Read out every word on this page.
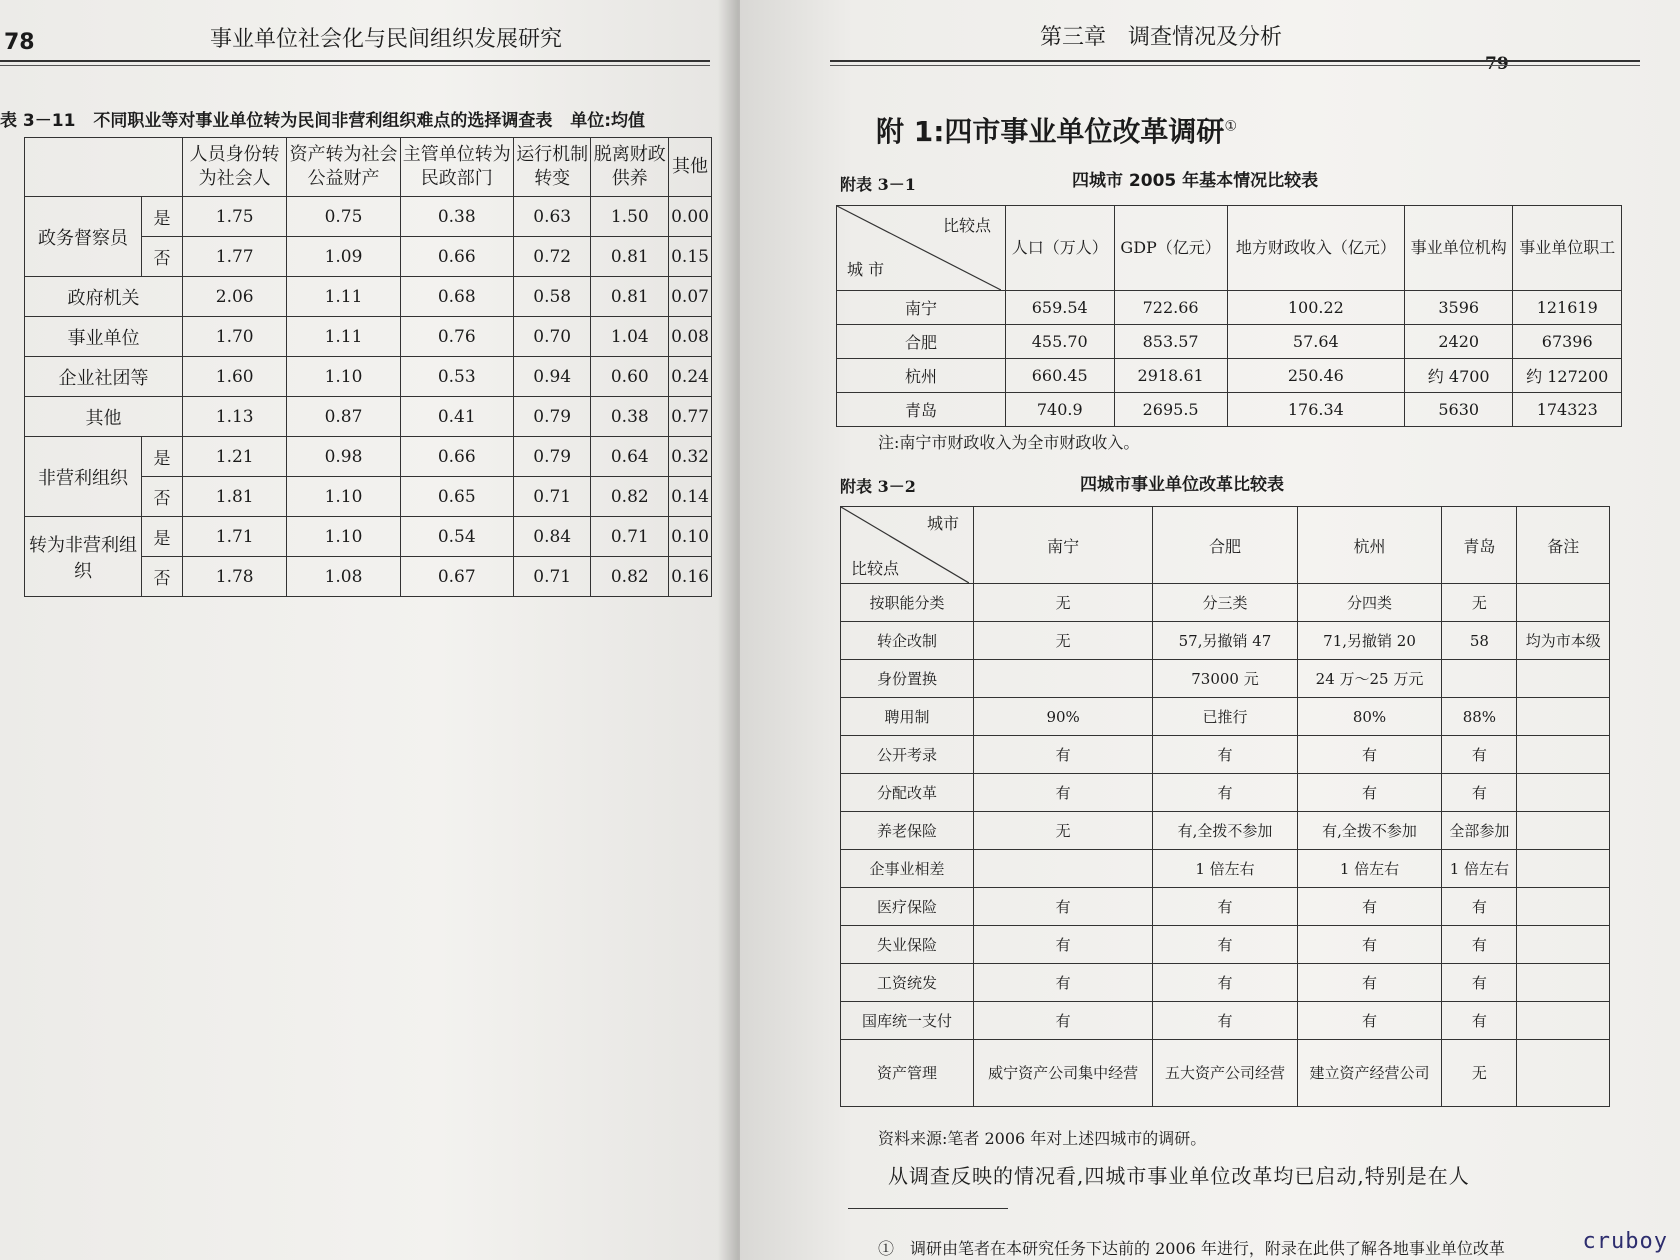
78	事业单位社会化与民间组织发展研究
表 3－11 不同职业等对事业单位转为民间非营利组织难点的选择调查表 单位:均值
		人员身份转为社会人	资产转为社会公益财产	主管单位转为民政部门	运行机制转变	脱离财政供养	其他
政务督察员	是	1.75	0.75	0.38	0.63	1.50	0.00
	否	1.77	1.09	0.66	0.72	0.81	0.15
政府机关		2.06	1.11	0.68	0.58	0.81	0.07
事业单位		1.70	1.11	0.76	0.70	1.04	0.08
企业社团等		1.60	1.10	0.53	0.94	0.60	0.24
其他		1.13	0.87	0.41	0.79	0.38	0.77
非营利组织	是	1.21	0.98	0.66	0.79	0.64	0.32
	否	1.81	1.10	0.65	0.71	0.82	0.14
转为非营利组织	是	1.71	1.10	0.54	0.84	0.71	0.10
	否	1.78	1.08	0.67	0.71	0.82	0.16
第三章　调查情况及分析
79
附 1:四市事业单位改革调研①
附表 3－1	四城市 2005 年基本情况比较表
比较点
城 市	人口（万人）	GDP（亿元）	地方财政收入（亿元）	事业单位机构	事业单位职工
南宁	659.54	722.66	100.22	3596	121619
合肥	455.70	853.57	57.64	2420	67396
杭州	660.45	2918.61	250.46	约 4700	约 127200
青岛	740.9	2695.5	176.34	5630	174323
注:南宁市财政收入为全市财政收入。
附表 3－2	四城市事业单位改革比较表
城市
比较点	南宁	合肥	杭州	青岛	备注
按职能分类	无	分三类	分四类	无	
转企改制	无	57,另撤销 47	71,另撤销 20	58	均为市本级
身份置换		73000 元	24 万～25 万元		
聘用制	90%	已推行	80%	88%	
公开考录	有	有	有	有	
分配改革	有	有	有	有	
养老保险	无	有,全拨不参加	有,全拨不参加	全部参加	
企事业相差		1 倍左右	1 倍左右	1 倍左右	
医疗保险	有	有	有	有	
失业保险	有	有	有	有	
工资统发	有	有	有	有	
国库统一支付	有	有	有	有	
资产管理	威宁资产公司集中经营	五大资产公司经营	建立资产经营公司	无	
资料来源:笔者 2006 年对上述四城市的调研。
从调查反映的情况看,四城市事业单位改革均已启动,特别是在人
①　调研由笔者在本研究任务下达前的 2006 年进行，附录在此供了解各地事业单位改革	cruboy
